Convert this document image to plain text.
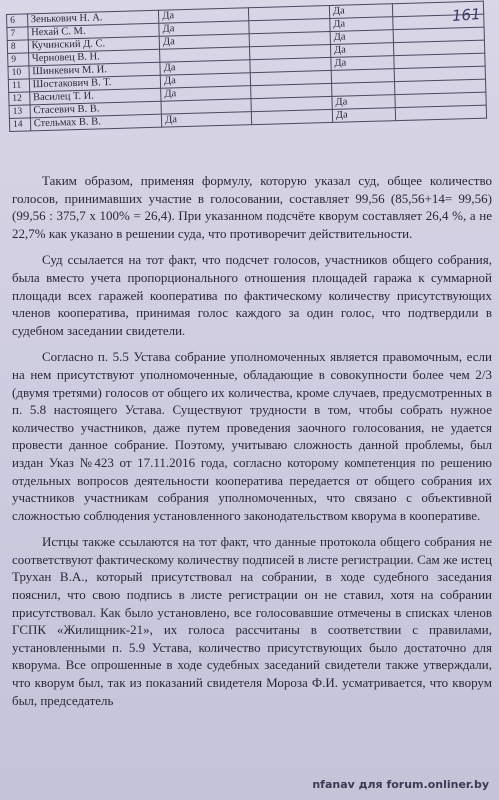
161
6	Зенькович Н. А.	Да		Да	
7	Нехай С. М.	Да		Да	
8	Кучинский Д. С.	Да		Да	
9	Черновец В. Н.			Да	
10	Шинкевич М. И.	Да		Да	
11	Шостакович В. Т.	Да			
12	Василец Т. И.	Да			
13	Стасевич В. В.			Да	
14	Стельмах В. В.	Да		Да	

Таким образом, применяя формулу, которую указал суд, общее количество голосов, принимавших участие в голосовании, составляет 99,56 (85,56+14= 99,56) (99,56 : 375,7 х 100% = 26,4). При указанном подсчёте кворум составляет 26,4 %, а не 22,7% как указано в решении суда, что противоречит действительности.

Суд ссылается на тот факт, что подсчет голосов, участников общего собрания, была вместо учета пропорционального отношения площадей гаража к суммарной площади всех гаражей кооператива по фактическому количеству присутствующих членов кооператива, принимая голос каждого за один голос, что подтвердили в судебном заседании свидетели.

Согласно п. 5.5 Устава собрание уполномоченных является правомочным, если на нем присутствуют уполномоченные, обладающие в совокупности более чем 2/3 (двумя третями) голосов от общего их количества, кроме случаев, предусмотренных в п. 5.8 настоящего Устава. Существуют трудности в том, чтобы собрать нужное количество участников, даже путем проведения заочного голосования, не удается провести данное собрание. Поэтому, учитываю сложность данной проблемы, был издан Указ №423 от 17.11.2016 года, согласно которому компетенция по решению отдельных вопросов деятельности кооператива передается от общего собрания их участников участникам собрания уполномоченных, что связано с объективной сложностью соблюдения установленного законодательством кворума в кооперативе.

Истцы также ссылаются на тот факт, что данные протокола общего собрания не соответствуют фактическому количеству подписей в листе регистрации. Сам же истец Трухан В.А., который присутствовал на собрании, в ходе судебного заседания пояснил, что свою подпись в листе регистрации он не ставил, хотя на собрании присутствовал. Как было установлено, все голосовавшие отмечены в списках членов ГСПК «Жилищник-21», их голоса рассчитаны в соответствии с правилами, установленными п. 5.9 Устава, количество присутствующих было достаточно для кворума. Все опрошенные в ходе судебных заседаний свидетели также утверждали, что кворум был, так из показаний свидетеля Мороза Ф.И. усматривается, что кворум был, председатель

nfanav для forum.onliner.by
